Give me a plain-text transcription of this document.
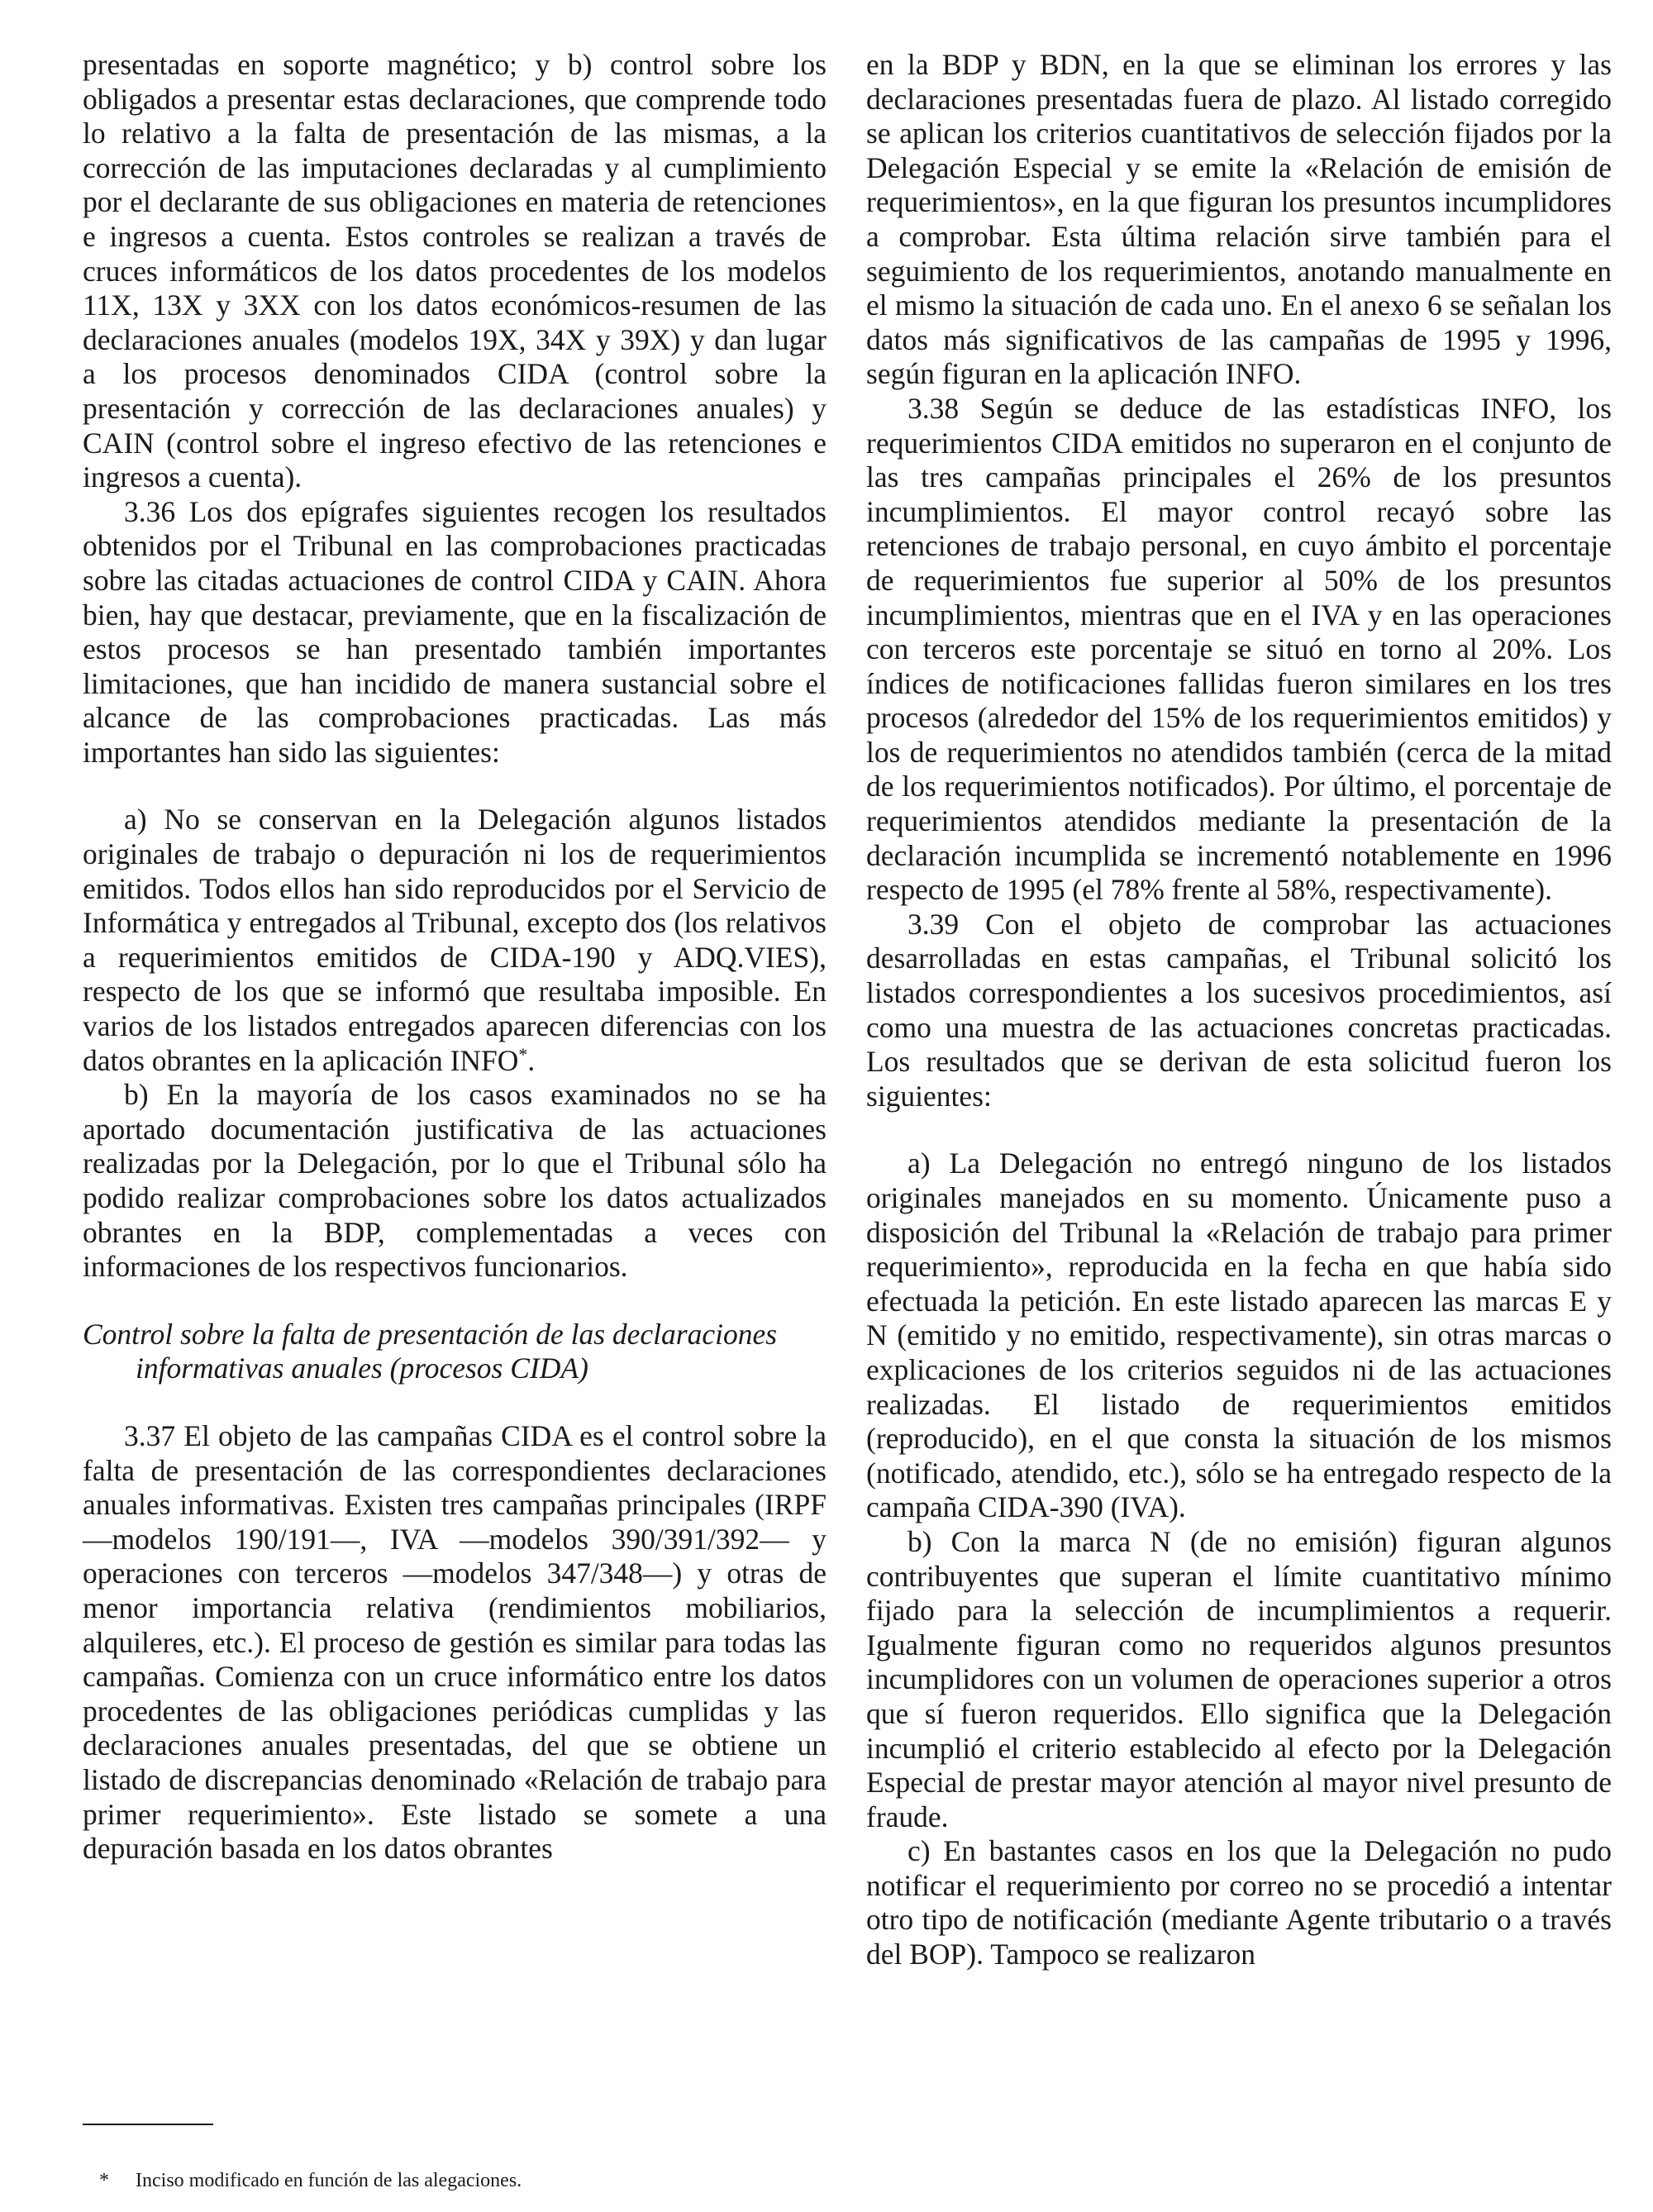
presentadas en soporte magnético; y b) control sobre los obligados a presentar estas declaraciones, que comprende todo lo relativo a la falta de presentación de las mismas, a la corrección de las imputaciones declaradas y al cumplimiento por el declarante de sus obligaciones en materia de retenciones e ingresos a cuenta. Estos controles se realizan a través de cruces informáticos de los datos procedentes de los modelos 11X, 13X y 3XX con los datos económicos-resumen de las declaraciones anuales (modelos 19X, 34X y 39X) y dan lugar a los procesos denominados CIDA (control sobre la presentación y corrección de las declaraciones anuales) y CAIN (control sobre el ingreso efectivo de las retenciones e ingresos a cuenta).

3.36 Los dos epígrafes siguientes recogen los resultados obtenidos por el Tribunal en las comprobaciones practicadas sobre las citadas actuaciones de control CIDA y CAIN. Ahora bien, hay que destacar, previamente, que en la fiscalización de estos procesos se han presentado también importantes limitaciones, que han incidido de manera sustancial sobre el alcance de las comprobaciones practicadas. Las más importantes han sido las siguientes:

a) No se conservan en la Delegación algunos listados originales de trabajo o depuración ni los de requerimientos emitidos. Todos ellos han sido reproducidos por el Servicio de Informática y entregados al Tribunal, excepto dos (los relativos a requerimientos emitidos de CIDA-190 y ADQ.VIES), respecto de los que se informó que resultaba imposible. En varios de los listados entregados aparecen diferencias con los datos obrantes en la aplicación INFO*.

b) En la mayoría de los casos examinados no se ha aportado documentación justificativa de las actuaciones realizadas por la Delegación, por lo que el Tribunal sólo ha podido realizar comprobaciones sobre los datos actualizados obrantes en la BDP, complementadas a veces con informaciones de los respectivos funcionarios.

Control sobre la falta de presentación de las declaraciones informativas anuales (procesos CIDA)

3.37 El objeto de las campañas CIDA es el control sobre la falta de presentación de las correspondientes declaraciones anuales informativas. Existen tres campañas principales (IRPF —modelos 190/191—, IVA —modelos 390/391/392— y operaciones con terceros —modelos 347/348—) y otras de menor importancia relativa (rendimientos mobiliarios, alquileres, etc.). El proceso de gestión es similar para todas las campañas. Comienza con un cruce informático entre los datos procedentes de las obligaciones periódicas cumplidas y las declaraciones anuales presentadas, del que se obtiene un listado de discrepancias denominado «Relación de trabajo para primer requerimiento». Este listado se somete a una depuración basada en los datos obrantes

en la BDP y BDN, en la que se eliminan los errores y las declaraciones presentadas fuera de plazo. Al listado corregido se aplican los criterios cuantitativos de selección fijados por la Delegación Especial y se emite la «Relación de emisión de requerimientos», en la que figuran los presuntos incumplidores a comprobar. Esta última relación sirve también para el seguimiento de los requerimientos, anotando manualmente en el mismo la situación de cada uno. En el anexo 6 se señalan los datos más significativos de las campañas de 1995 y 1996, según figuran en la aplicación INFO.

3.38 Según se deduce de las estadísticas INFO, los requerimientos CIDA emitidos no superaron en el conjunto de las tres campañas principales el 26% de los presuntos incumplimientos. El mayor control recayó sobre las retenciones de trabajo personal, en cuyo ámbito el porcentaje de requerimientos fue superior al 50% de los presuntos incumplimientos, mientras que en el IVA y en las operaciones con terceros este porcentaje se situó en torno al 20%. Los índices de notificaciones fallidas fueron similares en los tres procesos (alrededor del 15% de los requerimientos emitidos) y los de requerimientos no atendidos también (cerca de la mitad de los requerimientos notificados). Por último, el porcentaje de requerimientos atendidos mediante la presentación de la declaración incumplida se incrementó notablemente en 1996 respecto de 1995 (el 78% frente al 58%, respectivamente).

3.39 Con el objeto de comprobar las actuaciones desarrolladas en estas campañas, el Tribunal solicitó los listados correspondientes a los sucesivos procedimientos, así como una muestra de las actuaciones concretas practicadas. Los resultados que se derivan de esta solicitud fueron los siguientes:

a) La Delegación no entregó ninguno de los listados originales manejados en su momento. Únicamente puso a disposición del Tribunal la «Relación de trabajo para primer requerimiento», reproducida en la fecha en que había sido efectuada la petición. En este listado aparecen las marcas E y N (emitido y no emitido, respectivamente), sin otras marcas o explicaciones de los criterios seguidos ni de las actuaciones realizadas. El listado de requerimientos emitidos (reproducido), en el que consta la situación de los mismos (notificado, atendido, etc.), sólo se ha entregado respecto de la campaña CIDA-390 (IVA).

b) Con la marca N (de no emisión) figuran algunos contribuyentes que superan el límite cuantitativo mínimo fijado para la selección de incumplimientos a requerir. Igualmente figuran como no requeridos algunos presuntos incumplidores con un volumen de operaciones superior a otros que sí fueron requeridos. Ello significa que la Delegación incumplió el criterio establecido al efecto por la Delegación Especial de prestar mayor atención al mayor nivel presunto de fraude.

c) En bastantes casos en los que la Delegación no pudo notificar el requerimiento por correo no se procedió a intentar otro tipo de notificación (mediante Agente tributario o a través del BOP). Tampoco se realizaron

* Inciso modificado en función de las alegaciones.
